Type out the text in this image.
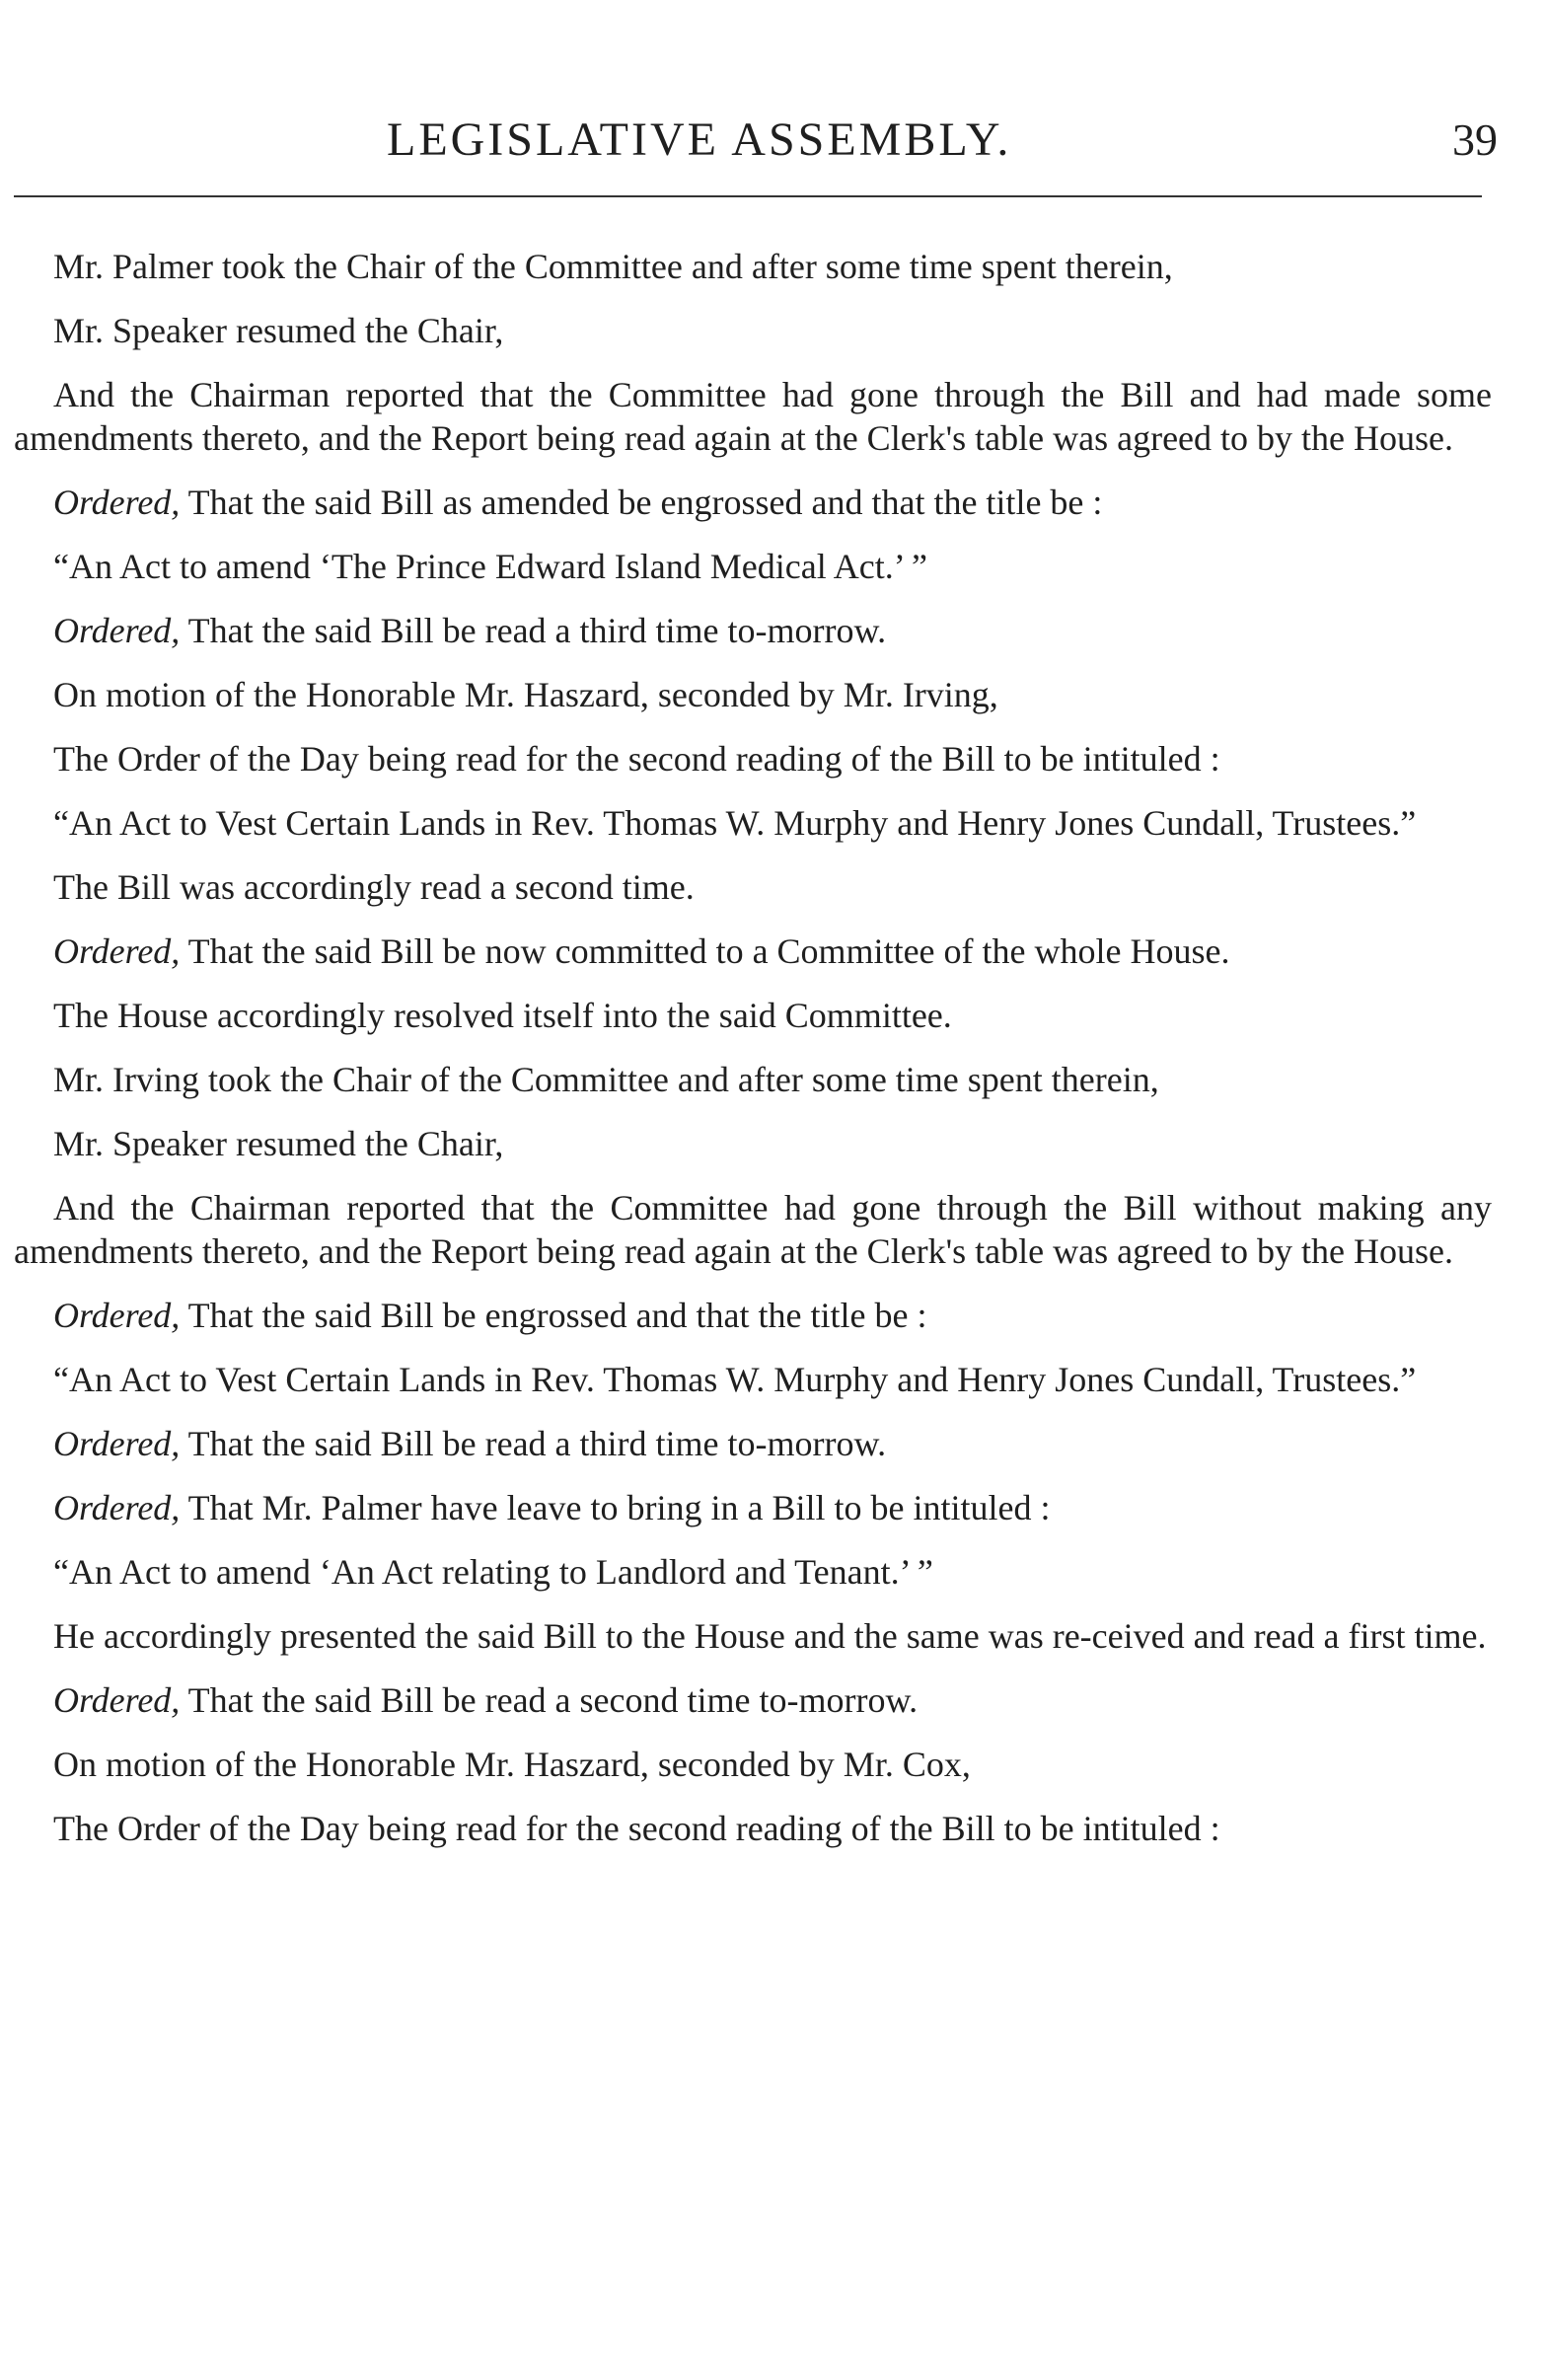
LEGISLATIVE ASSEMBLY.	39

Mr. Palmer took the Chair of the Committee and after some time spent therein,

Mr. Speaker resumed the Chair,

And the Chairman reported that the Committee had gone through the Bill and had made some amendments thereto, and the Report being read again at the Clerk's table was agreed to by the House.

Ordered, That the said Bill as amended be engrossed and that the title be :

“An Act to amend ‘The Prince Edward Island Medical Act.’ ”

Ordered, That the said Bill be read a third time to-morrow.

On motion of the Honorable Mr. Haszard, seconded by Mr. Irving,

The Order of the Day being read for the second reading of the Bill to be intituled :

“An Act to Vest Certain Lands in Rev. Thomas W. Murphy and Henry Jones Cundall, Trustees.”

The Bill was accordingly read a second time.

Ordered, That the said Bill be now committed to a Committee of the whole House.

The House accordingly resolved itself into the said Committee.

Mr. Irving took the Chair of the Committee and after some time spent therein,

Mr. Speaker resumed the Chair,

And the Chairman reported that the Committee had gone through the Bill without making any amendments thereto, and the Report being read again at the Clerk's table was agreed to by the House.

Ordered, That the said Bill be engrossed and that the title be :

“An Act to Vest Certain Lands in Rev. Thomas W. Murphy and Henry Jones Cundall, Trustees.”

Ordered, That the said Bill be read a third time to-morrow.

Ordered, That Mr. Palmer have leave to bring in a Bill to be intituled :

“An Act to amend ‘An Act relating to Landlord and Tenant.’ ”

He accordingly presented the said Bill to the House and the same was re-ceived and read a first time.

Ordered, That the said Bill be read a second time to-morrow.

On motion of the Honorable Mr. Haszard, seconded by Mr. Cox,

The Order of the Day being read for the second reading of the Bill to be intituled :
